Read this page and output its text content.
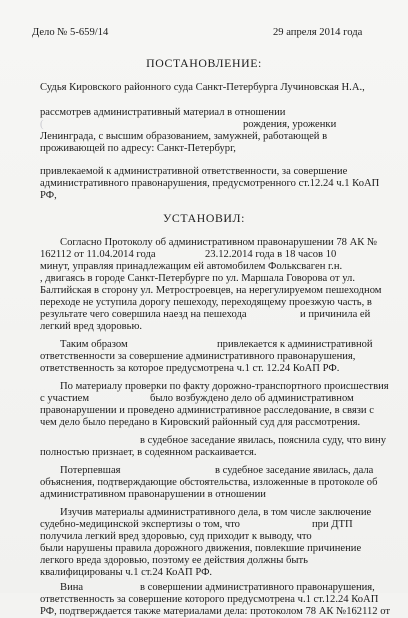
Дело № 5-659/14	29 апреля 2014 года
ПОСТАНОВЛЕНИЕ:
Судья Кировского районного суда Санкт-Петербурга Лучиновская Н.А.,
рассмотрев административный материал в отношении
(	рождения, уроженки
Ленинграда, с высшим образованием, замужней, работающей в
проживающей по адресу: Санкт-Петербург,
привлекаемой к административной ответственности, за совершение
административного правонарушения, предусмотренного ст.12.24 ч.1 КоАП
РФ,
УСТАНОВИЛ:
Согласно Протоколу об административном правонарушении 78 АК №
162112 от 11.04.2014 года	23.12.2014 года в 18 часов 10
минут, управляя принадлежащим ей автомобилем Фольксваген г.н.
, двигаясь в городе Санкт-Петербурге по ул. Маршала Говорова от ул.
Балтийская в сторону ул. Метростроевцев, на нерегулируемом пешеходном
переходе не уступила дорогу пешеходу, переходящему проезжую часть, в
результате чего совершила наезд на пешехода	и причинила ей
легкий вред здоровью.
Таким образом	привлекается к административной
ответственности за совершение административного правонарушения,
ответственность за которое предусмотрена ч.1 ст. 12.24 КоАП РФ.
По материалу проверки по факту дорожно-транспортного происшествия
с участием	было возбуждено дело об административном
правонарушении и проведено административное расследование, в связи с
чем дело было передано в Кировский районный суд для рассмотрения.
в судебное заседание явилась, пояснила суду, что вину
полностью признает, в содеянном раскаивается.
Потерпевшая	в судебное заседание явилась, дала
объяснения, подтверждающие обстоятельства, изложенные в протоколе об
административном правонарушении в отношении
Изучив материалы административного дела, в том числе заключение
судебно-медицинской экспертизы о том, что	при ДТП
получила легкий вред здоровью, суд приходит к выводу, что
были нарушены правила дорожного движения, повлекшие причинение
легкого вреда здоровью, поэтому ее действия должны быть
квалифицированы ч.1 ст.24 КоАП РФ.
Вина	в совершении административного правонарушения,
ответственность за совершение которого предусмотрена ч.1 ст.12.24 КоАП
РФ, подтверждается также материалами дела: протоколом 78 АК №162112 от
